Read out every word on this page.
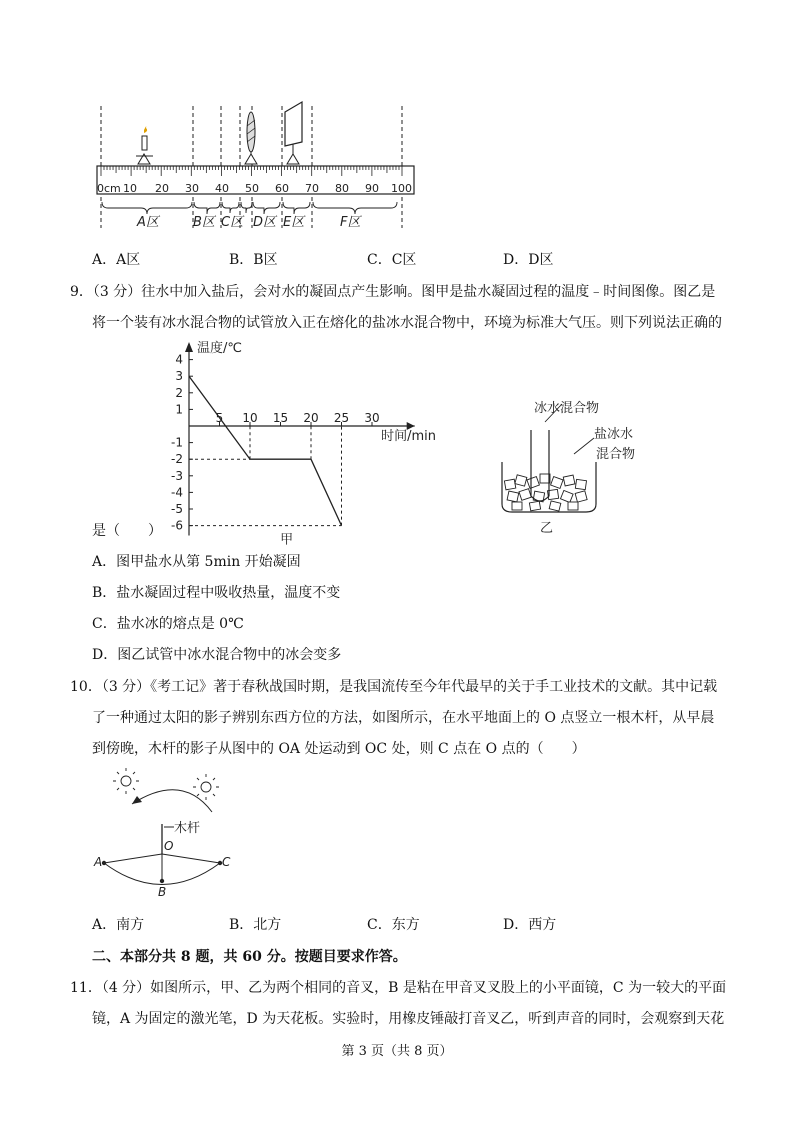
0cm 10 20 30 40 50 60 70 80 90 100
A区	B区 C区 D区 E区	F区
A．A区	B．B区	C．C区	D．D区
9．（3 分）往水中加入盐后，会对水的凝固点产生影响。图甲是盐水凝固过程的温度﹣时间图像。图乙是
将一个装有冰水混合物的试管放入正在熔化的盐冰水混合物中，环境为标准大气压。则下列说法正确的
4
3
2
1
-1
-2
-3
-4
-5
-6
5 10 15 20 25 30
温度/℃
时间/min
甲
冰水混合物
盐冰水
混合物
乙
是（　　）
A．图甲盐水从第 5min 开始凝固
B．盐水凝固过程中吸收热量，温度不变
C．盐水冰的熔点是 0℃
D．图乙试管中冰水混合物中的冰会变多
10．（3 分）《考工记》著于春秋战国时期，是我国流传至今年代最早的关于手工业技术的文献。其中记载
了一种通过太阳的影子辨别东西方位的方法，如图所示，在水平地面上的 O 点竖立一根木杆，从早晨
到傍晚，木杆的影子从图中的 OA 处运动到 OC 处，则 C 点在 O 点的（　　）
木杆
O
A	C
B
A．南方	B．北方	C．东方	D．西方
二、本部分共 8 题，共 60 分。按题目要求作答。
11．（4 分）如图所示，甲、乙为两个相同的音叉，B 是粘在甲音叉叉股上的小平面镜，C 为一较大的平面
镜，A 为固定的激光笔，D 为天花板。实验时，用橡皮锤敲打音叉乙，听到声音的同时，会观察到天花
第 3 页（共 8 页）
